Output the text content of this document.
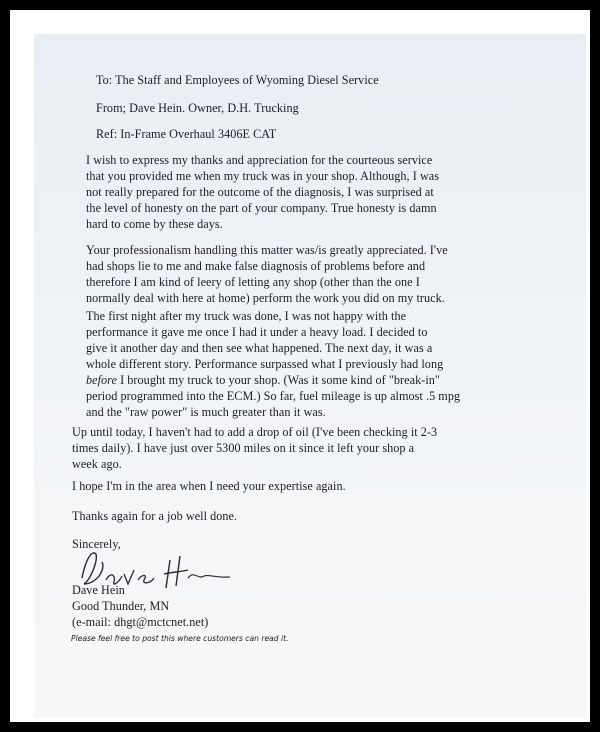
To: The Staff and Employees of Wyoming Diesel Service
From; Dave Hein. Owner, D.H. Trucking
Ref: In-Frame Overhaul 3406E CAT
I wish to express my thanks and appreciation for the courteous service
that you provided me when my truck was in your shop. Although, I was
not really prepared for the outcome of the diagnosis, I was surprised at
the level of honesty on the part of your company. True honesty is damn
hard to come by these days.
Your professionalism handling this matter was/is greatly appreciated. I've
had shops lie to me and make false diagnosis of problems before and
therefore I am kind of leery of letting any shop (other than the one I
normally deal with here at home) perform the work you did on my truck.
The first night after my truck was done, I was not happy with the
performance it gave me once I had it under a heavy load. I decided to
give it another day and then see what happened. The next day, it was a
whole different story. Performance surpassed what I previously had long
before I brought my truck to your shop. (Was it some kind of "break-in"
period programmed into the ECM.) So far, fuel mileage is up almost .5 mpg
and the "raw power" is much greater than it was.
Up until today, I haven't had to add a drop of oil (I've been checking it 2-3
times daily). I have just over 5300 miles on it since it left your shop a
week ago.
I hope I'm in the area when I need your expertise again.
Thanks again for a job well done.
Sincerely,
Dave Hein
Good Thunder, MN
(e-mail: dhgt@mctcnet.net)
Please feel free to post this where customers can read it.
